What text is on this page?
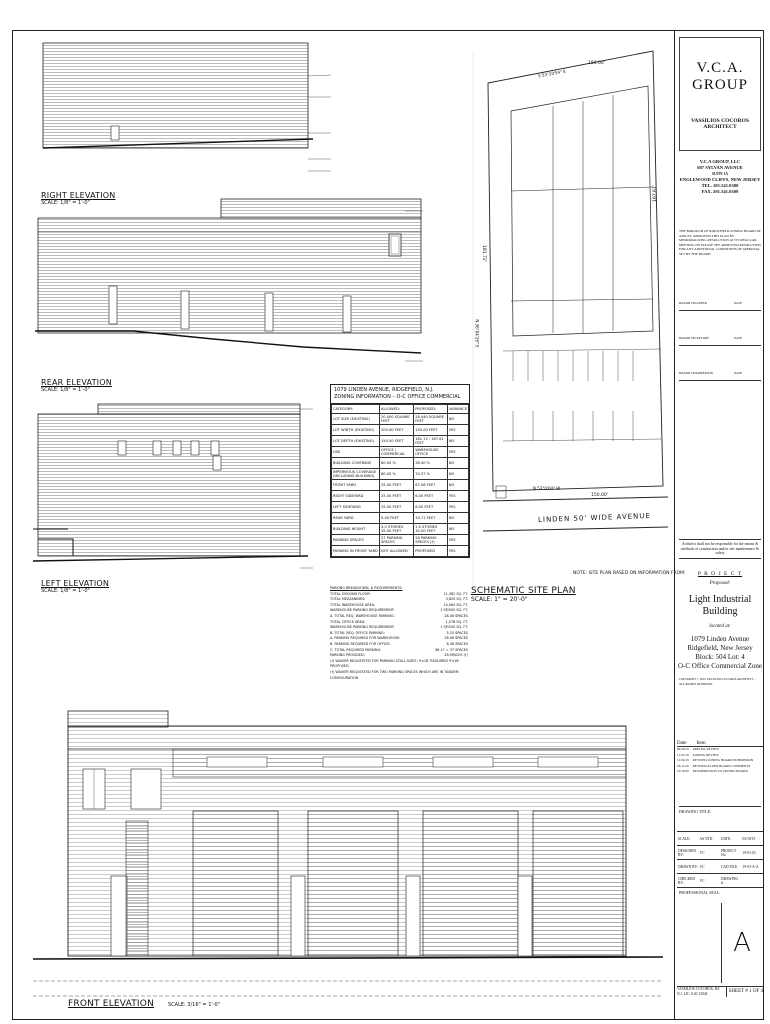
RIGHT ELEVATION
SCALE: 1/8" = 1'-0"
REAR ELEVATION
SCALE: 1/8" = 1'-0"
LEFT ELEVATION
SCALE: 1/8" = 1'-0"
FRONT ELEVATION	SCALE: 3/16" = 1'-0"
1079 LINDEN AVENUE, RIDGEFIELD, N.J.
ZONING INFORMATION – O-C OFFICE COMMERCIAL
CATEGORY:	ALLOWED:	PROPOSED:	VARIANCE
LOT SIZE (EXISTING)	20,000 SQUARE FEET	28,440 SQUARE FEET	NO
LOT WIDTH (EXISTING)	200.00 FEET	150.00 FEET	YES
LOT DEPTH (EXISTING)	150.00 FEET	181.72 / 167.61 FEET	NO
USE	OFFICE / COMMERCIAL	WAREHOUSE OFFICE	YES
BUILDING COVERAGE	60.00 %	38.40 %	NO
IMPERVIOUS COVERAGE (INCLUDING BUILDING)	80.00 %	74.37 %	NO
FRONT YARD	25.00 FEET	67.06 FEET	NO
RIGHT SIDEYARD	25.00 FEET	6.00 FEET	YES
LEFT SIDEYARD	25.00 FEET	6.00 FEET	YES
REAR YARD	5.00 FEET	33.71 FEET	NO
BUILDING HEIGHT	3.0 STORIES 35.00 FEET	2.0 STORIES 32.00 FEET	NO
PARKING SPACES	27 PARKING SPACES	28 PARKING SPACES (†)	YES
PARKING IN FRONT YARD	NOT ALLOWED	PROPOSED	YES
PARKING BREAKDOWN, & REQUIREMENTS:
TOTAL GROUND FLOOR:	11,382 SQ. FT.
TOTAL MEZZANINES:	3,820 SQ. FT.
TOTAL WAREHOUSE AREA:	14,084 SQ. FT.
WAREHOUSE PARKING REQUIREMENT:	1 SP/500 SQ. FT.
A. TOTAL REQ. WAREHOUSE PARKING:	28.08 SPACES
TOTAL OFFICE AREA:	1,078 SQ. FT.
WAREHOUSE PARKING REQUIREMENT:	1 SP/200 SQ. FT.
B. TOTAL REQ. OFFICE PARKING:	5.25 SPACES
A. PARKING REQUIRED FOR WAREHOUSE:	28.08 SPACES
B. PARKING REQUIRED FOR OFFICE:	6.36 SPACES
C. TOTAL REQUIRED PARKING:	36.17 = 37 SPACES
PARKING PROVIDED:	28 SPACES (†)
(†) WAIVER REQUESTED FOR PARKING STALL SIZES: 9'x18' REQUIRED 9'x18' PROPOSED
(†) WAIVER REQUESTED FOR TWO PARKING SPACES WHICH ARE IN TANDEM CONFIGURATION
SCHEMATIC SITE PLAN
SCALE: 1" = 20'-0"
NOTE: SITE PLAN BASED ON INFORMATION FROM:
LINDEN 50' WIDE AVENUE
150.00'
150.00'
181.72'
167.61'
N 36°04'26" E
S 53°20'54" E
N 53°0'04" W
V.C.A. GROUP
VASSILIOS COCOROS ARCHITECT
V.C.A GROUP, LLC
687 SYLVAN AVENUE
SUITE 1A
ENGLEWOOD CLIFFS, NEW JERSEY
TEL. 201.541.0300
FAX. 201.541.0309
THE BOROUGH OF RIDGEFIELD ZONING BOARD OF ADJUST. APPROVED THIS PLAN BY MEMORIALIZING RESOLUTION AT ITS REGULAR MEETING ON PLEASE SEE APPROVED RESOLUTION FOR ANY ADDITIONAL CONDITIONS OF APPROVAL SET BY THE BOARD
BOARD ENGINEER	DATE
BOARD SECRETARY	DATE
BOARD CHAIRPERSON	DATE
Architect shall not be responsible for the means & methods of construction and/or site maintenance & safety
P R O J E C T
Proposed:
Light Industrial
Building
located at:
1079 Linden Avenue
Ridgefield, New Jersey
Block: 504 Lot: 4
O-C Office Commercial Zone
COPYRIGHT © 2019 VASSILIOS COCOROS ARCHITECT – ALL RIGHTS RESERVED
Date Item
06/26/19 PRELIM. REVIEW
11/22/19 ZONING REVIEW
12/04/19 REVISED ZONING BOARD SUBMISSION
03/11/20 REVISED AS PER BOARD COMMENTS
10/16/20 RESUBMISSION TO ZONING BOARD
DRAWING TITLE:
SCALE:	AS NTD	DATE:	03/19/19
DESIGNED BY:	VC	PROJECT No:	19-01-03
DRAWN BY: VC	CAD FILE:	19-03-A-A
CHECKED BY:	VC	DRAWING #:
PROFESSIONAL SEAL:
A
VASSILIOS COCOROS, RA
N.J. LIC. # AI 13044	SHEET # 1 OF 4
